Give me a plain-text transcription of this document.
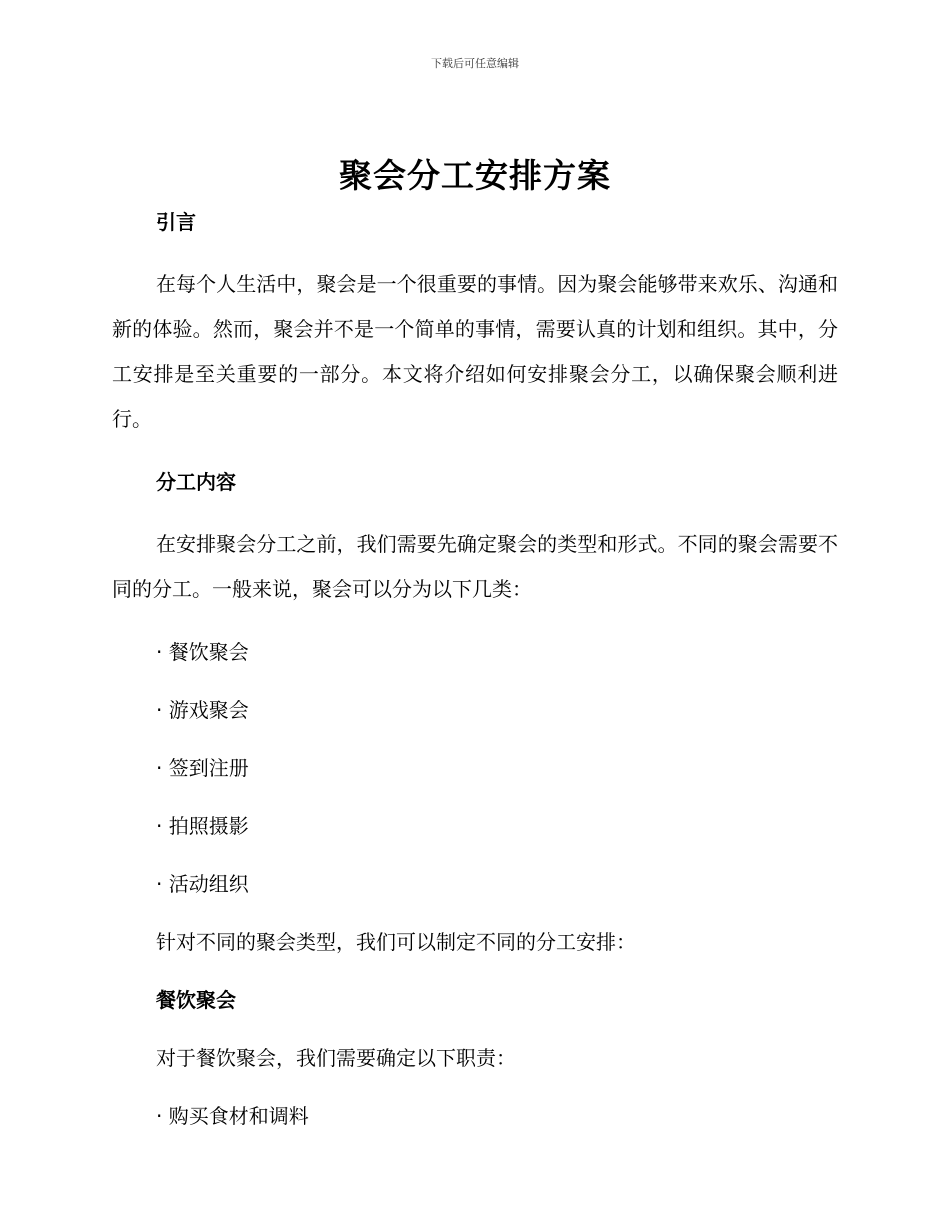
下载后可任意编辑
聚会分工安排方案
引言

在每个人生活中，聚会是一个很重要的事情。因为聚会能够带来欢乐、沟通和新的体验。然而，聚会并不是一个简单的事情，需要认真的计划和组织。其中，分工安排是至关重要的一部分。本文将介绍如何安排聚会分工，以确保聚会顺利进行。

分工内容

在安排聚会分工之前，我们需要先确定聚会的类型和形式。不同的聚会需要不同的分工。一般来说，聚会可以分为以下几类：

· 餐饮聚会
· 游戏聚会
· 签到注册
· 拍照摄影
· 活动组织
针对不同的聚会类型，我们可以制定不同的分工安排：
餐饮聚会
对于餐饮聚会，我们需要确定以下职责：
· 购买食材和调料
